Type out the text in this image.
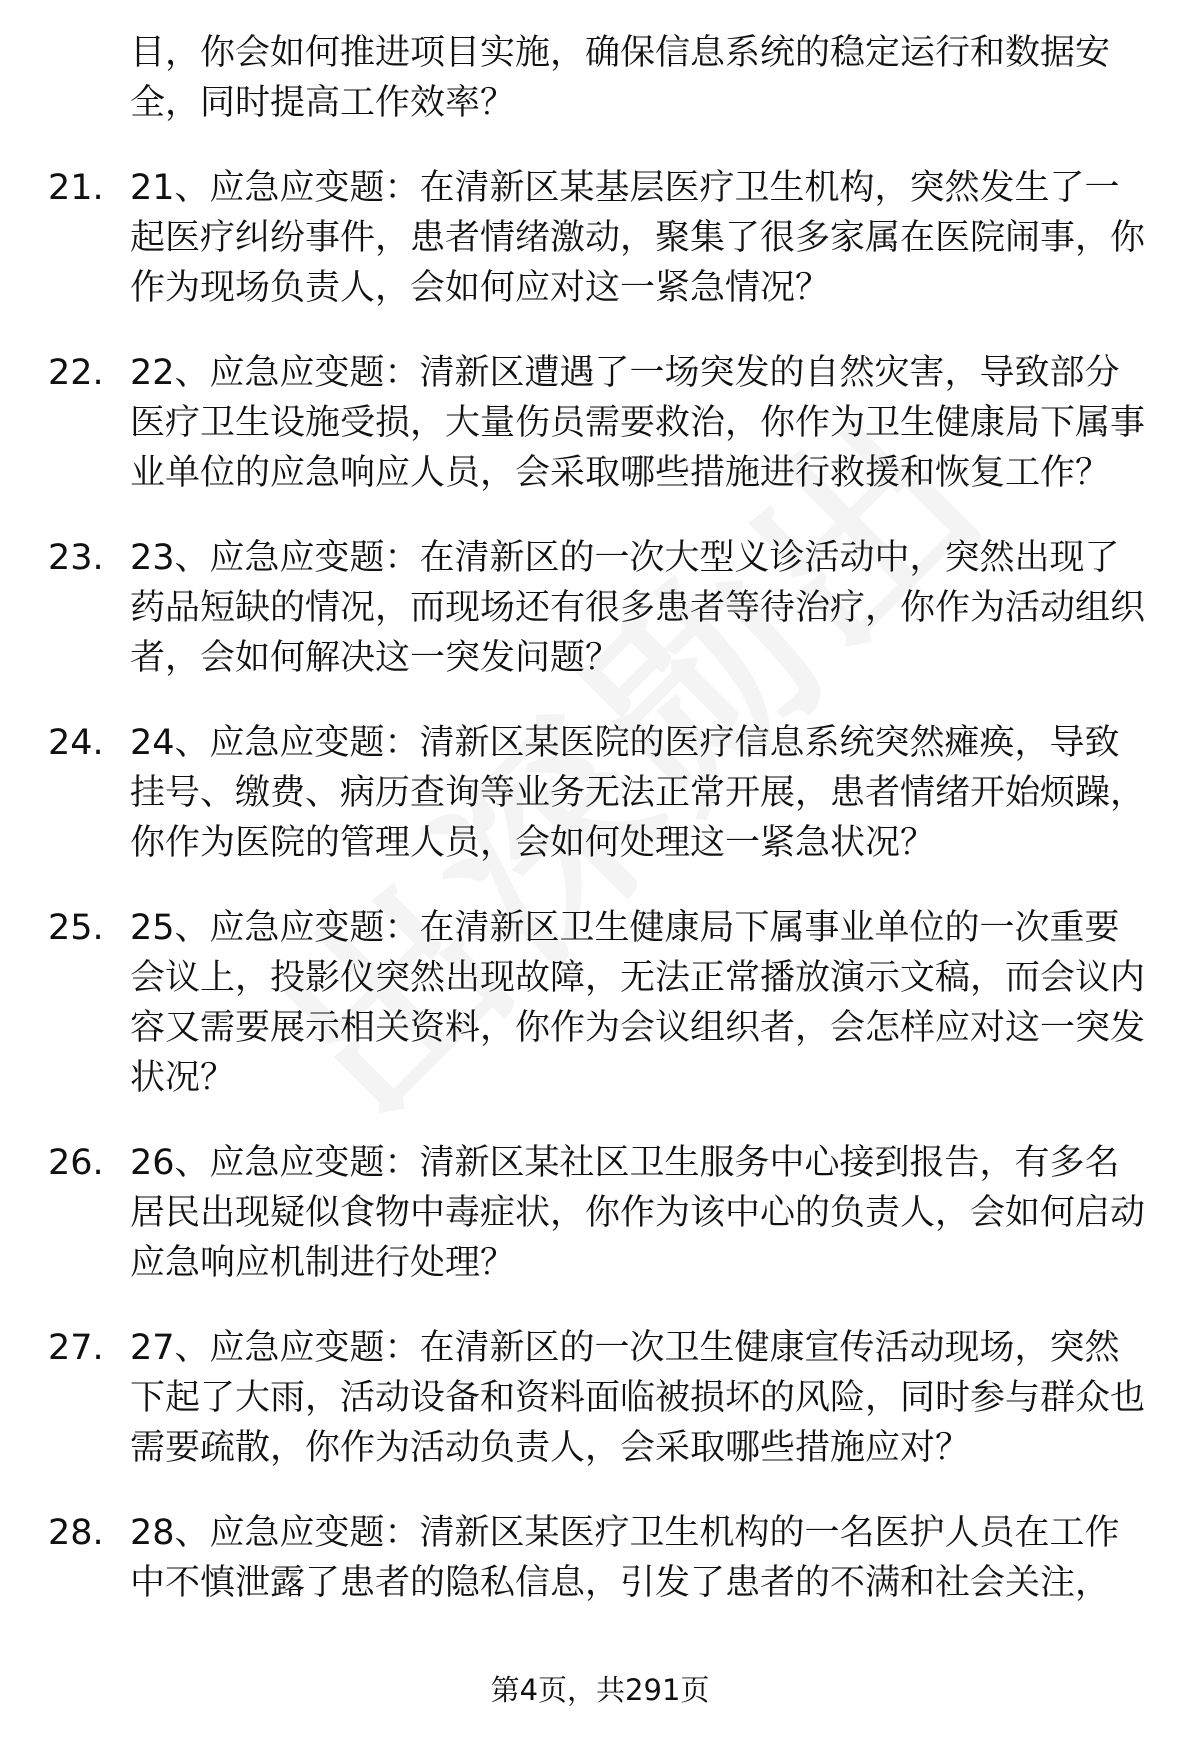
目，你会如何推进项目实施，确保信息系统的稳定运行和数据安全，同时提高工作效率？
21. 21、应急应变题：在清新区某基层医疗卫生机构，突然发生了一起医疗纠纷事件，患者情绪激动，聚集了很多家属在医院闹事，你作为现场负责人，会如何应对这一紧急情况？
22. 22、应急应变题：清新区遭遇了一场突发的自然灾害，导致部分医疗卫生设施受损，大量伤员需要救治，你作为卫生健康局下属事业单位的应急响应人员，会采取哪些措施进行救援和恢复工作？
23. 23、应急应变题：在清新区的一次大型义诊活动中，突然出现了药品短缺的情况，而现场还有很多患者等待治疗，你作为活动组织者，会如何解决这一突发问题？
24. 24、应急应变题：清新区某医院的医疗信息系统突然瘫痪，导致挂号、缴费、病历查询等业务无法正常开展，患者情绪开始烦躁，你作为医院的管理人员，会如何处理这一紧急状况？
25. 25、应急应变题：在清新区卫生健康局下属事业单位的一次重要会议上，投影仪突然出现故障，无法正常播放演示文稿，而会议内容又需要展示相关资料，你作为会议组织者，会怎样应对这一突发状况？
26. 26、应急应变题：清新区某社区卫生服务中心接到报告，有多名居民出现疑似食物中毒症状，你作为该中心的负责人，会如何启动应急响应机制进行处理？
27. 27、应急应变题：在清新区的一次卫生健康宣传活动现场，突然下起了大雨，活动设备和资料面临被损坏的风险，同时参与群众也需要疏散，你作为活动负责人，会采取哪些措施应对？
28. 28、应急应变题：清新区某医疗卫生机构的一名医护人员在工作中不慎泄露了患者的隐私信息，引发了患者的不满和社会关注，
第4页，共291页
